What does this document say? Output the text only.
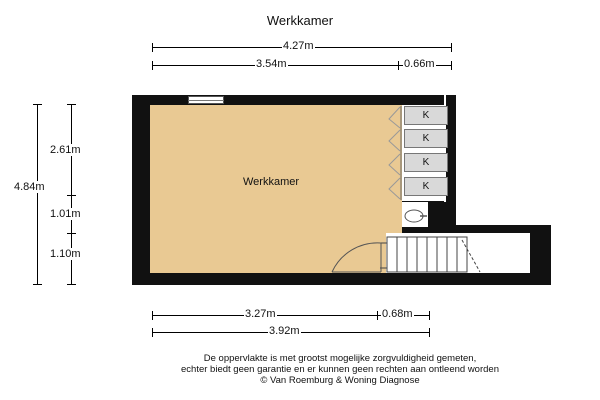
Werkkamer
4.27m
3.54m	0.66m
4.84m
2.61m
1.01m
1.10m
K
K
K
K
Werkkamer
3.27m	0.68m
3.92m
De oppervlakte is met grootst mogelijke zorgvuldigheid gemeten,
echter biedt geen garantie en er kunnen geen rechten aan ontleend worden
© Van Roemburg & Woning Diagnose
